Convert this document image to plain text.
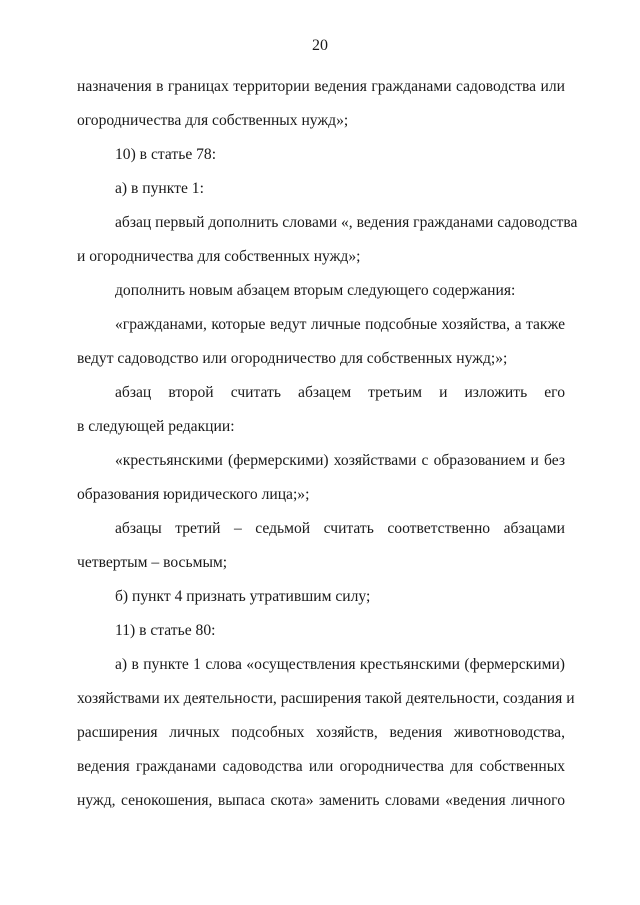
20
назначения в границах территории ведения гражданами садоводства или
огородничества для собственных нужд»;
10) в статье 78:
а) в пункте 1:
абзац первый дополнить словами «, ведения гражданами садоводства
и огородничества для собственных нужд»;
дополнить новым абзацем вторым следующего содержания:
«гражданами, которые ведут личные подсобные хозяйства, а также
ведут садоводство или огородничество для собственных нужд;»;
абзац второй считать абзацем третьим и изложить его
в следующей редакции:
«крестьянскими (фермерскими) хозяйствами с образованием и без
образования юридического лица;»;
абзацы третий – седьмой считать соответственно абзацами
четвертым – восьмым;
б) пункт 4 признать утратившим силу;
11) в статье 80:
а) в пункте 1 слова «осуществления крестьянскими (фермерскими)
хозяйствами их деятельности, расширения такой деятельности, создания и
расширения личных подсобных хозяйств, ведения животноводства,
ведения гражданами садоводства или огородничества для собственных
нужд, сенокошения, выпаса скота» заменить словами «ведения личного
